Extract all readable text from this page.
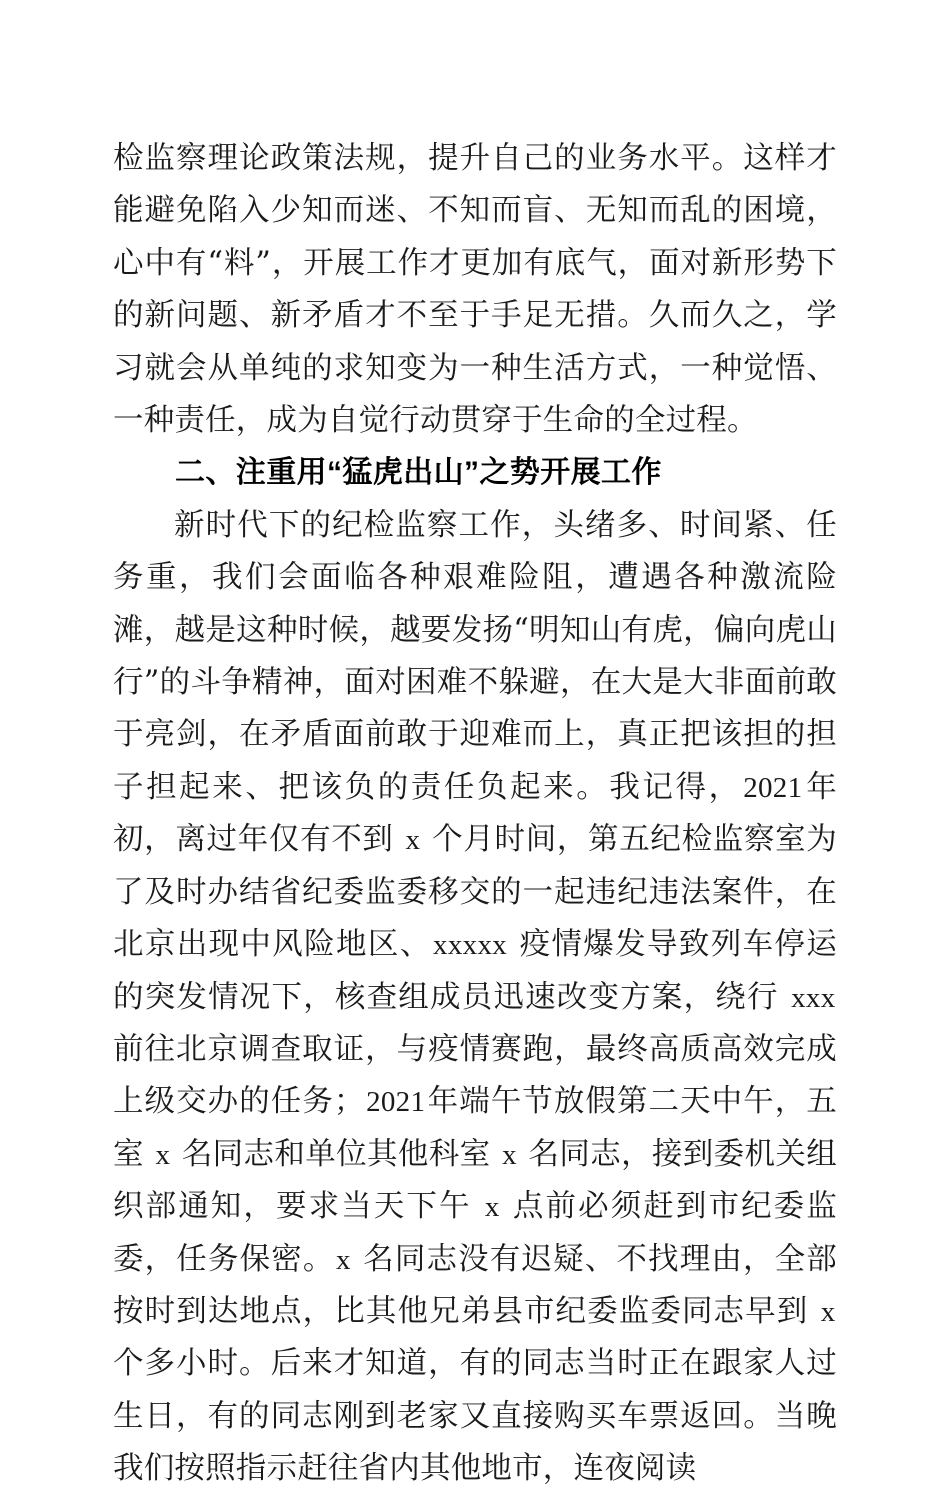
检监察理论政策法规，提升自己的业务水平。这样才能避免陷入少知而迷、不知而盲、无知而乱的困境，心中有“料”，开展工作才更加有底气，面对新形势下的新问题、新矛盾才不至于手足无措。久而久之，学习就会从单纯的求知变为一种生活方式，一种觉悟、一种责任，成为自觉行动贯穿于生命的全过程。

二、注重用“猛虎出山”之势开展工作

新时代下的纪检监察工作，头绪多、时间紧、任务重，我们会面临各种艰难险阻，遭遇各种激流险滩，越是这种时候，越要发扬“明知山有虎，偏向虎山行”的斗争精神，面对困难不躲避，在大是大非面前敢于亮剑，在矛盾面前敢于迎难而上，真正把该担的担子担起来、把该负的责任负起来。我记得，2021年初，离过年仅有不到 x 个月时间，第五纪检监察室为了及时办结省纪委监委移交的一起违纪违法案件，在北京出现中风险地区、xxxxx 疫情爆发导致列车停运的突发情况下，核查组成员迅速改变方案，绕行 xxx 前往北京调查取证，与疫情赛跑，最终高质高效完成上级交办的任务；2021年端午节放假第二天中午，五室 x 名同志和单位其他科室 x 名同志，接到委机关组织部通知，要求当天下午 x 点前必须赶到市纪委监委，任务保密。x 名同志没有迟疑、不找理由，全部按时到达地点，比其他兄弟县市纪委监委同志早到 x 个多小时。后来才知道，有的同志当时正在跟家人过生日，有的同志刚到老家又直接购买车票返回。当晚我们按照指示赶往省内其他地市，连夜阅读
